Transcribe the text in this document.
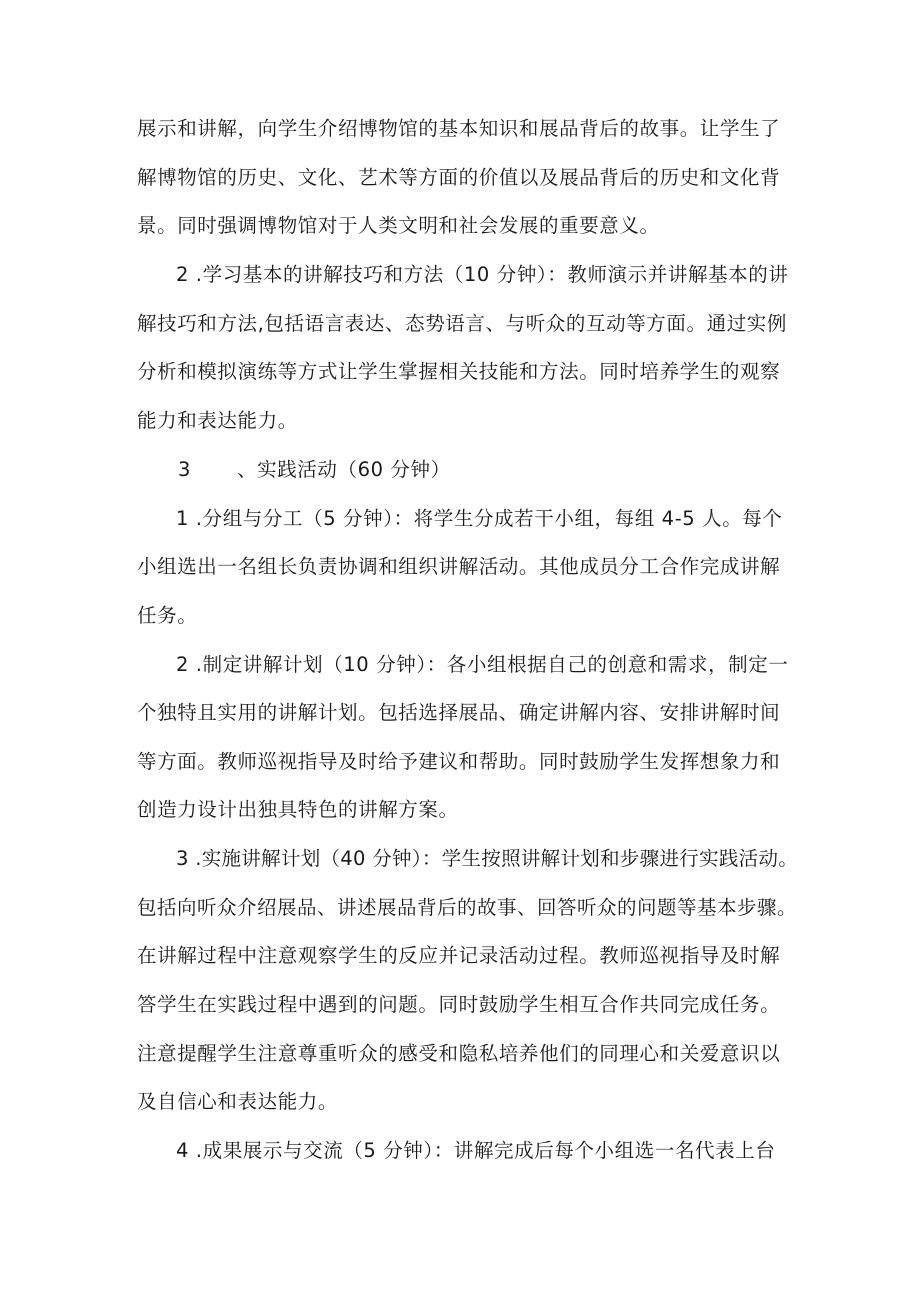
展示和讲解，向学生介绍博物馆的基本知识和展品背后的故事。让学生了
解博物馆的历史、文化、艺术等方面的价值以及展品背后的历史和文化背
景。同时强调博物馆对于人类文明和社会发展的重要意义。
2 .学习基本的讲解技巧和方法（10 分钟）：教师演示并讲解基本的讲
解技巧和方法,包括语言表达、态势语言、与听众的互动等方面。通过实例
分析和模拟演练等方式让学生掌握相关技能和方法。同时培养学生的观察
能力和表达能力。
3 、实践活动（60 分钟）
1 .分组与分工（5 分钟）：将学生分成若干小组，每组 4-5 人。每个
小组选出一名组长负责协调和组织讲解活动。其他成员分工合作完成讲解
任务。
2 .制定讲解计划（10 分钟）：各小组根据自己的创意和需求，制定一
个独特且实用的讲解计划。包括选择展品、确定讲解内容、安排讲解时间
等方面。教师巡视指导及时给予建议和帮助。同时鼓励学生发挥想象力和
创造力设计出独具特色的讲解方案。
3 .实施讲解计划（40 分钟）：学生按照讲解计划和步骤进行实践活动。
包括向听众介绍展品、讲述展品背后的故事、回答听众的问题等基本步骤。
在讲解过程中注意观察学生的反应并记录活动过程。教师巡视指导及时解
答学生在实践过程中遇到的问题。同时鼓励学生相互合作共同完成任务。
注意提醒学生注意尊重听众的感受和隐私培养他们的同理心和关爱意识以
及自信心和表达能力。
4 .成果展示与交流（5 分钟）：讲解完成后每个小组选一名代表上台
